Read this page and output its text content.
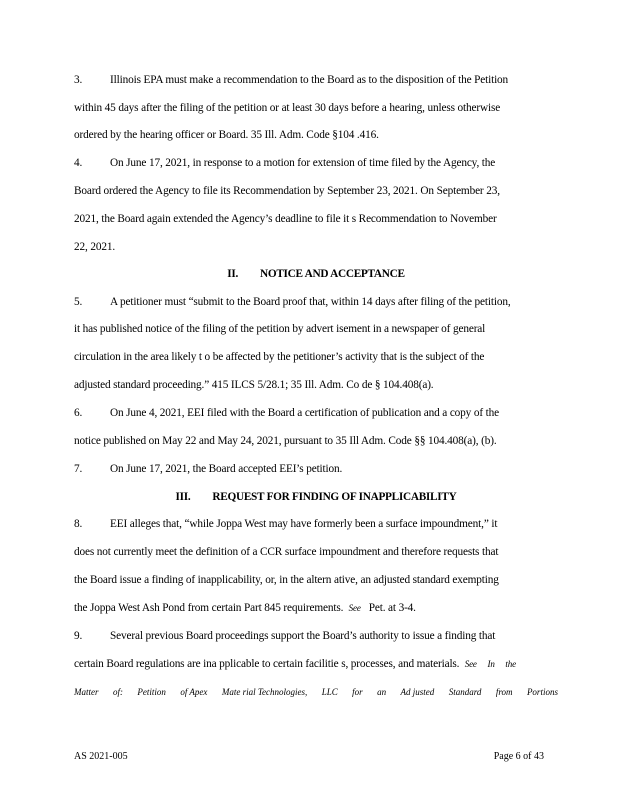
3. Illinois EPA must make a recommendation to the Board as to the disposition of the Petition
within 45 days after the filing of the petition or at least 30 days before a hearing, unless otherwise
ordered by the hearing officer or Board. 35 Ill. Adm. Code §104 .416.
4. On June 17, 2021, in response to a motion for extension of time filed by the Agency, the
Board ordered the Agency to file its Recommendation by September 23, 2021. On September 23,
2021, the Board again extended the Agency’s deadline to file it s Recommendation to November
22, 2021.
II. NOTICE AND ACCEPTANCE
5. A petitioner must “submit to the Board proof that, within 14 days after filing of the petition,
it has published notice of the filing of the petition by advert isement in a newspaper of general
circulation in the area likely t o be affected by the petitioner’s activity that is the subject of the
adjusted standard proceeding.” 415 ILCS 5/28.1; 35 Ill. Adm. Co de § 104.408(a).
6. On June 4, 2021, EEI filed with the Board a certification of publication and a copy of the
notice published on May 22 and May 24, 2021, pursuant to 35 Ill Adm. Code §§ 104.408(a), (b).
7. On June 17, 2021, the Board accepted EEI’s petition.
III. REQUEST FOR FINDING OF INAPPLICABILITY
8. EEI alleges that, “while Joppa West may have formerly been a surface impoundment,” it
does not currently meet the definition of a CCR surface impoundment and therefore requests that
the Board issue a finding of inapplicability, or, in the altern ative, an adjusted standard exempting
the Joppa West Ash Pond from certain Part 845 requirements. See Pet. at 3-4.
9. Several previous Board proceedings support the Board’s authority to issue a finding that
certain Board regulations are ina pplicable to certain facilitie s, processes, and materials. See In the
Matter of: Petition of Apex Mate rial Technologies, LLC for an Ad justed Standard from Portions
AS 2021-005	Page 6 of 43
